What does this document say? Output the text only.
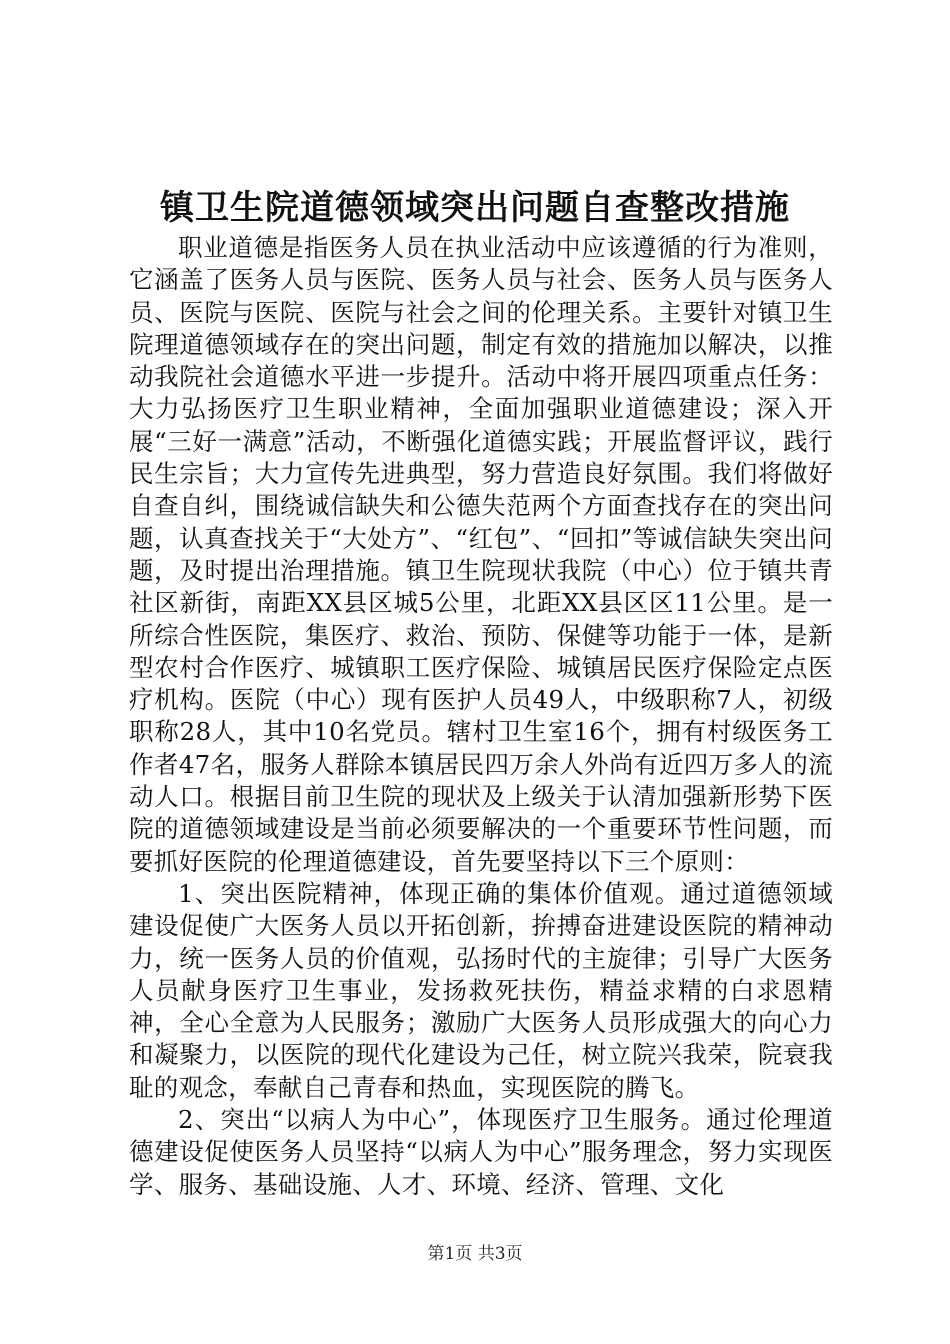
镇卫生院道德领域突出问题自查整改措施

职业道德是指医务人员在执业活动中应该遵循的行为准则，它涵盖了医务人员与医院、医务人员与社会、医务人员与医务人员、医院与医院、医院与社会之间的伦理关系。主要针对镇卫生院理道德领域存在的突出问题，制定有效的措施加以解决，以推动我院社会道德水平进一步提升。活动中将开展四项重点任务：大力弘扬医疗卫生职业精神，全面加强职业道德建设；深入开展“三好一满意”活动，不断强化道德实践；开展监督评议，践行民生宗旨；大力宣传先进典型，努力营造良好氛围。我们将做好自查自纠，围绕诚信缺失和公德失范两个方面查找存在的突出问题，认真查找关于“大处方”、“红包”、“回扣”等诚信缺失突出问题，及时提出治理措施。镇卫生院现状我院（中心）位于镇共青社区新街，南距XX县区城5公里，北距XX县区区11公里。是一所综合性医院，集医疗、救治、预防、保健等功能于一体，是新型农村合作医疗、城镇职工医疗保险、城镇居民医疗保险定点医疗机构。医院（中心）现有医护人员49人，中级职称7人，初级职称28人，其中10名党员。辖村卫生室16个，拥有村级医务工作者47名，服务人群除本镇居民四万余人外尚有近四万多人的流动人口。根据目前卫生院的现状及上级关于认清加强新形势下医院的道德领域建设是当前必须要解决的一个重要环节性问题，而要抓好医院的伦理道德建设，首先要坚持以下三个原则：

1、突出医院精神，体现正确的集体价值观。通过道德领域建设促使广大医务人员以开拓创新，拚搏奋进建设医院的精神动力，统一医务人员的价值观，弘扬时代的主旋律；引导广大医务人员献身医疗卫生事业，发扬救死扶伤，精益求精的白求恩精神，全心全意为人民服务；激励广大医务人员形成强大的向心力和凝聚力，以医院的现代化建设为己任，树立院兴我荣，院衰我耻的观念，奉献自己青春和热血，实现医院的腾飞。

2、突出“以病人为中心”，体现医疗卫生服务。通过伦理道德建设促使医务人员坚持“以病人为中心”服务理念，努力实现医学、服务、基础设施、人才、环境、经济、管理、文化

第1页 共3页
